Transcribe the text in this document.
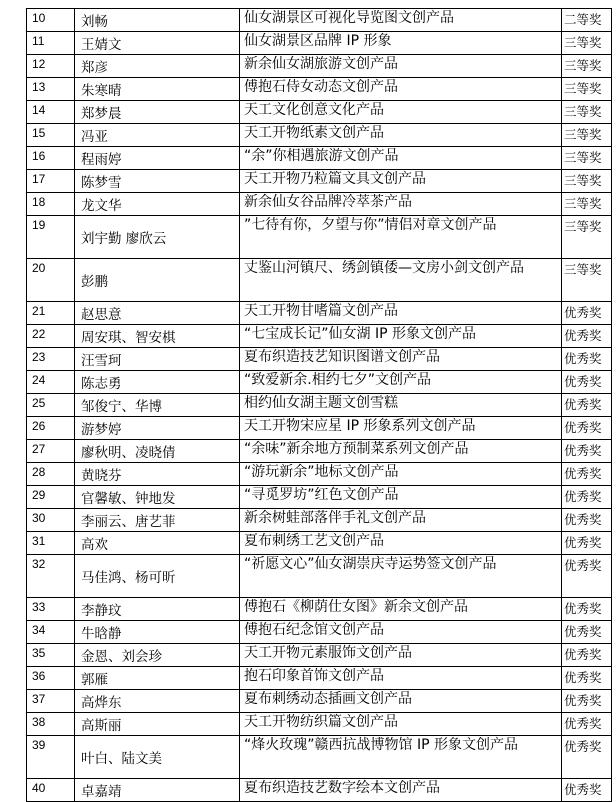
10	刘畅	仙女湖景区可视化导览图文创产品	二等奖
11	王婧文	仙女湖景区品牌 IP 形象	三等奖
12	郑彦	新余仙女湖旅游文创产品	三等奖
13	朱寒晴	傅抱石侍女动态文创产品	三等奖
14	郑梦晨	天工文化创意文化产品	三等奖
15	冯亚	天工开物纸素文创产品	三等奖
16	程雨婷	“余”你相遇旅游文创产品	三等奖
17	陈梦雪	天工开物乃粒篇文具文创产品	三等奖
18	龙文华	新余仙女谷品牌冷萃茶产品	三等奖
19	刘宇勤 廖欣云	”七待有你，夕望与你”情侣对章文创产品	三等奖
20	彭鹏	丈鉴山河镇尺、绣剑镇倭—文房小剑文创产品	三等奖
21	赵思意	天工开物甘嗜篇文创产品	优秀奖
22	周安琪、智安棋	“七宝成长记”仙女湖 IP 形象文创产品	优秀奖
23	汪雪珂	夏布织造技艺知识图谱文创产品	优秀奖
24	陈志勇	“致爱新余.相约七夕”文创产品	优秀奖
25	邹俊宁、华博	相约仙女湖主题文创雪糕	优秀奖
26	游梦婷	天工开物宋应星 IP 形象系列文创产品	优秀奖
27	廖秋明、凌晓倩	“余味”新余地方预制菜系列文创产品	优秀奖
28	黄晓芬	“游玩新余”地标文创产品	优秀奖
29	官馨敏、钟地发	“寻觅罗坊”红色文创产品	优秀奖
30	李丽云、唐艺菲	新余树蛙部落伴手礼文创产品	优秀奖
31	高欢	夏布刺绣工艺文创产品	优秀奖
32	马佳鸿、杨可昕	“祈愿文心”仙女湖崇庆寺运势签文创产品	优秀奖
33	李静玟	傅抱石《柳荫仕女图》新余文创产品	优秀奖
34	牛晗静	傅抱石纪念馆文创产品	优秀奖
35	金恩、刘会珍	天工开物元素服饰文创产品	优秀奖
36	郭雁	抱石印象首饰文创产品	优秀奖
37	高烨东	夏布刺绣动态插画文创产品	优秀奖
38	高斯丽	天工开物纺织篇文创产品	优秀奖
39	叶白、陆文美	“烽火玫瑰”赣西抗战博物馆 IP 形象文创产品	优秀奖
40	卓嘉靖	夏布织造技艺数字绘本文创产品	优秀奖
